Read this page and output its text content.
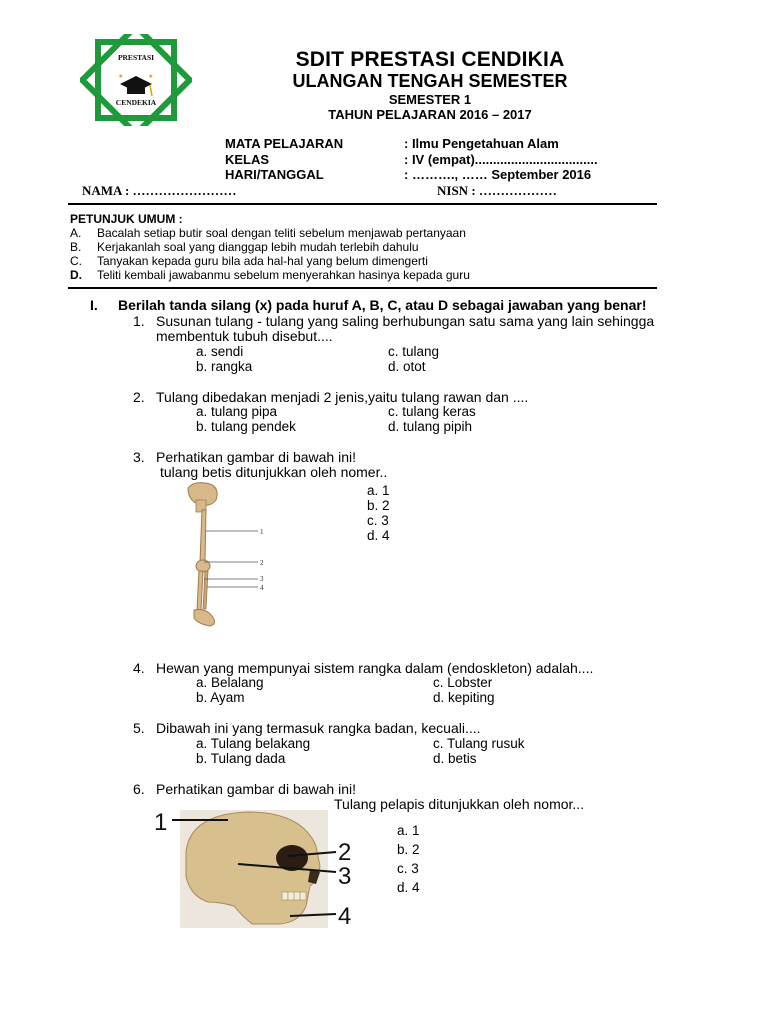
★	★
PRESTASI
CENDEKIA
SDIT PRESTASI CENDIKIA
ULANGAN TENGAH SEMESTER
SEMESTER 1
TAHUN PELAJARAN 2016 – 2017
MATA PELAJARAN	: Ilmu Pengetahuan Alam
KELAS	: IV (empat)..................................
HARI/TANGGAL	: ………., …… September 2016
NAMA : ……………………	NISN : ………………
PETUNJUK UMUM :
A. Bacalah setiap butir soal dengan teliti sebelum menjawab pertanyaan
B. Kerjakanlah soal yang dianggap lebih mudah terlebih dahulu
C. Tanyakan kepada guru bila ada hal-hal yang belum dimengerti
D. Teliti kembali jawabanmu sebelum menyerahkan hasinya kepada guru
I. Berilah tanda silang (x) pada huruf A, B, C, atau D sebagai jawaban yang benar!
1. Susunan tulang - tulang yang saling berhubungan satu sama yang lain sehingga
membentuk tubuh disebut....
a. sendi	c. tulang
b. rangka	d. otot
2. Tulang dibedakan menjadi 2 jenis,yaitu tulang rawan dan ....
a. tulang pipa	c. tulang keras
b. tulang pendek	d. tulang pipih
3. Perhatikan gambar di bawah ini!
tulang betis ditunjukkan oleh nomer..
1
2
3
4
a. 1
b. 2
c. 3
d. 4
4. Hewan yang mempunyai sistem rangka dalam (endoskleton) adalah....
a. Belalang	c. Lobster
b. Ayam	d. kepiting
5. Dibawah ini yang termasuk rangka badan, kecuali....
a. Tulang belakang	c. Tulang rusuk
b. Tulang dada	d. betis
6. Perhatikan gambar di bawah ini!
Tulang pelapis ditunjukkan oleh nomor...
1
2
3
4
a. 1
b. 2
c. 3
d. 4
